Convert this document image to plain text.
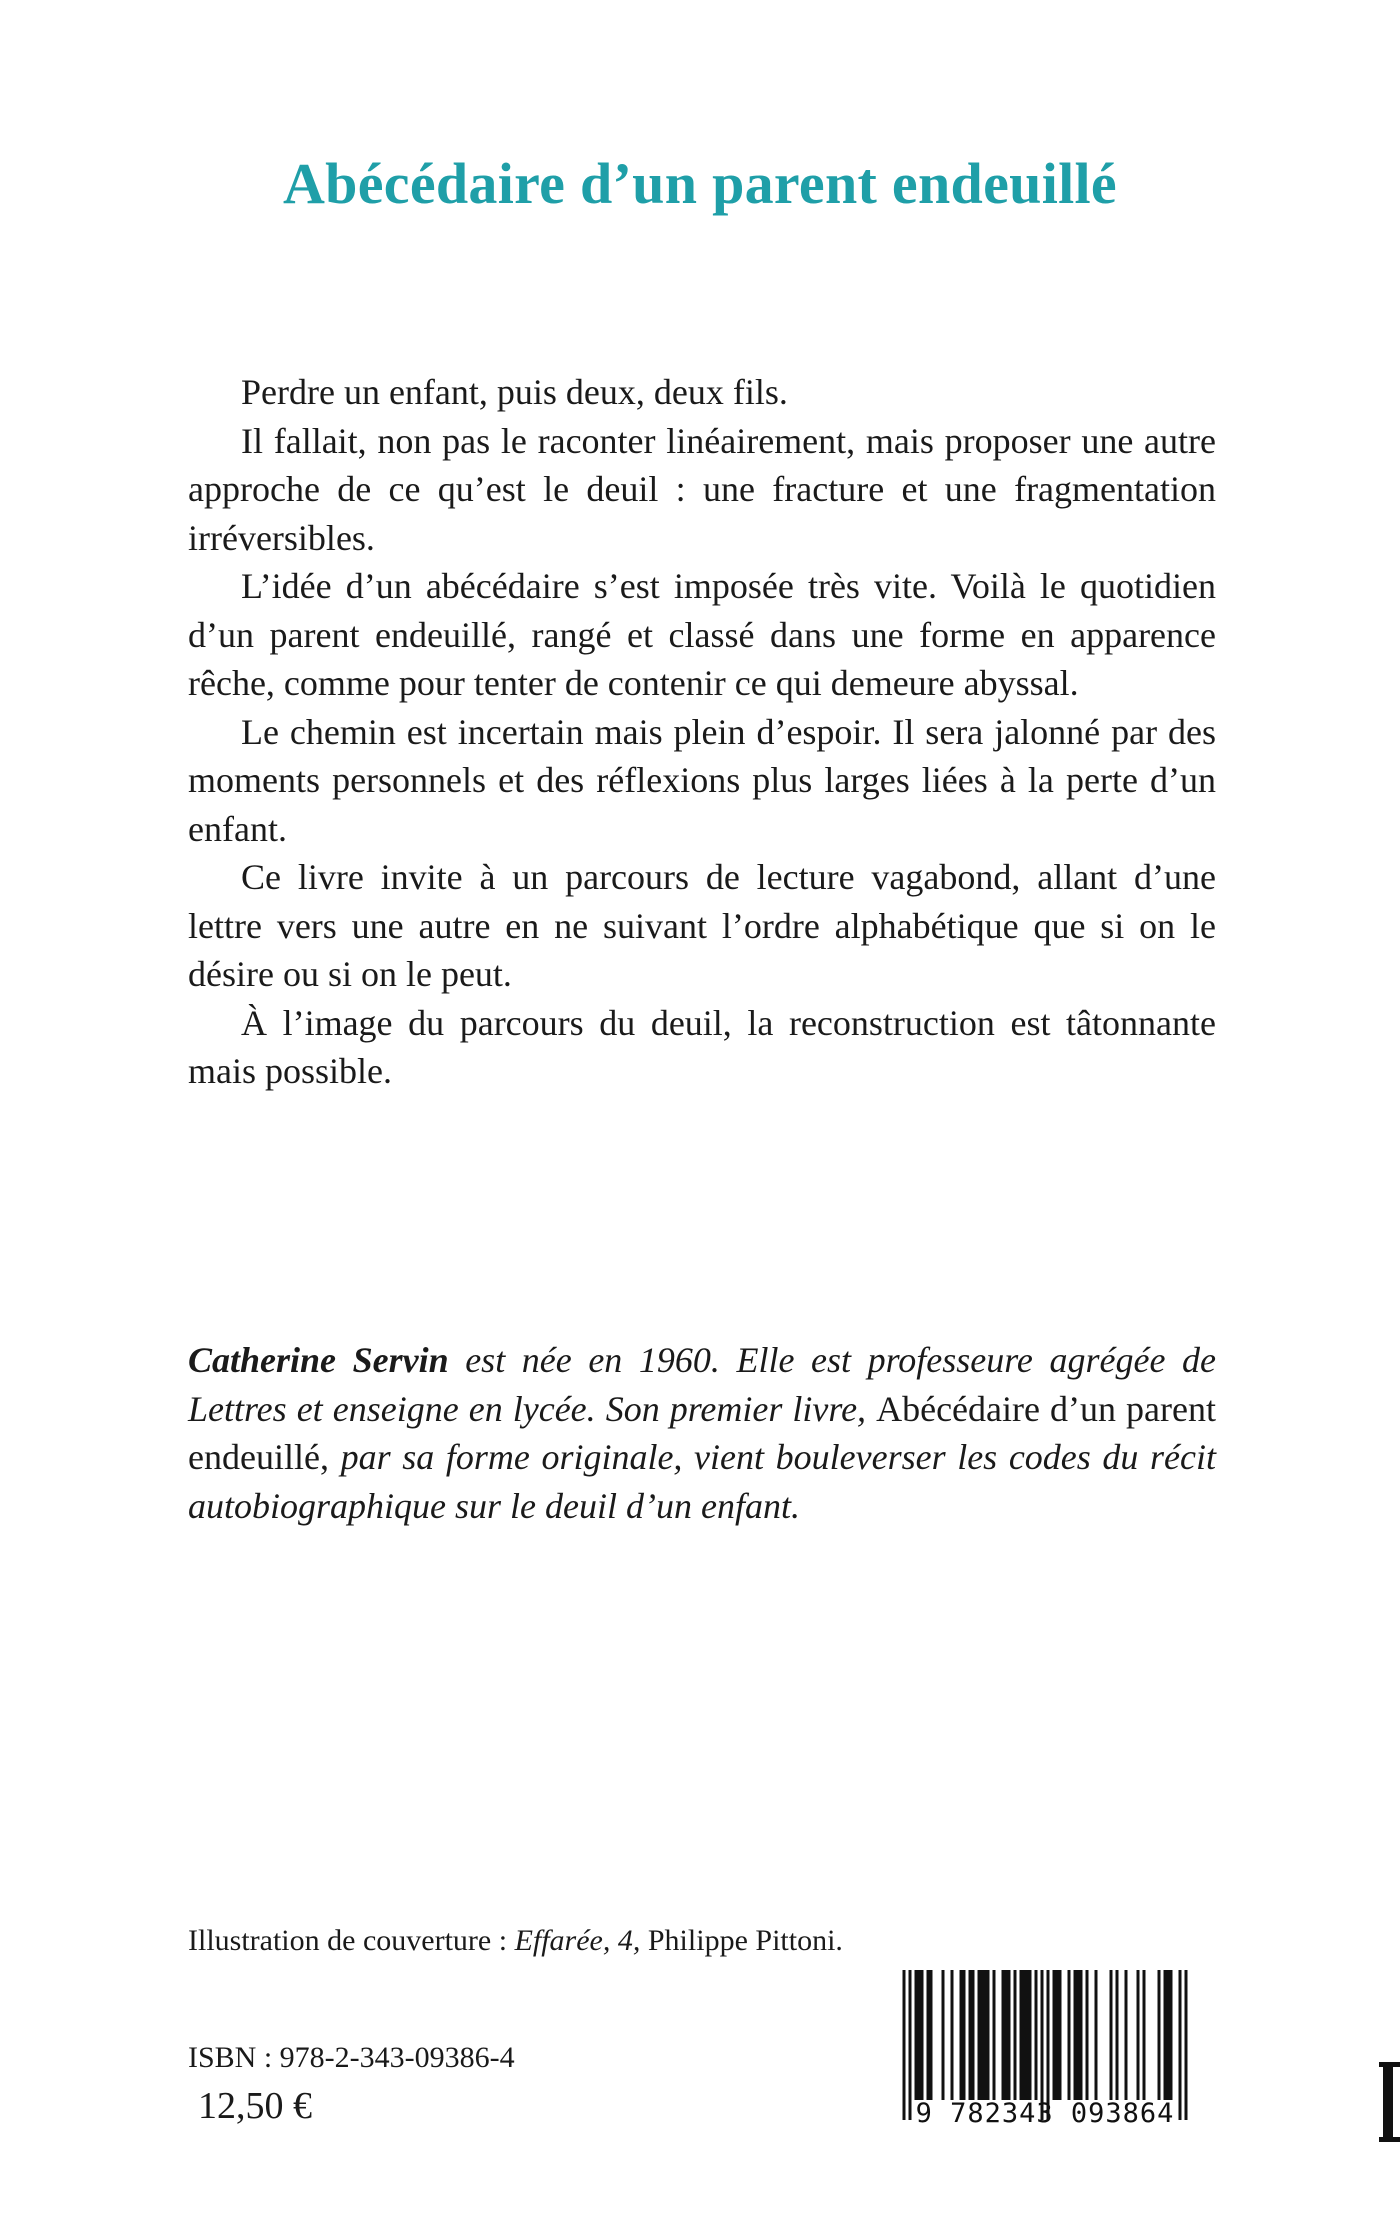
Abécédaire d’un parent endeuillé

Perdre un enfant, puis deux, deux fils.

Il fallait, non pas le raconter linéairement, mais proposer une autre approche de ce qu’est le deuil : une fracture et une fragmentation irréversibles.

L’idée d’un abécédaire s’est imposée très vite. Voilà le quotidien d’un parent endeuillé, rangé et classé dans une forme en apparence rêche, comme pour tenter de contenir ce qui demeure abyssal.

Le chemin est incertain mais plein d’espoir. Il sera jalonné par des moments personnels et des réflexions plus larges liées à la perte d’un enfant.

Ce livre invite à un parcours de lecture vagabond, allant d’une lettre vers une autre en ne suivant l’ordre alphabétique que si on le désire ou si on le peut.

À l’image du parcours du deuil, la reconstruction est tâtonnante mais possible.

Catherine Servin est née en 1960. Elle est professeure agrégée de Lettres et enseigne en lycée. Son premier livre, Abécédaire d’un parent endeuillé, par sa forme originale, vient bouleverser les codes du récit autobiographique sur le deuil d’un enfant.
Illustration de couverture : Effarée, 4, Philippe Pittoni.
ISBN : 978-2-343-09386-4
12,50 €	9 782343 093864
